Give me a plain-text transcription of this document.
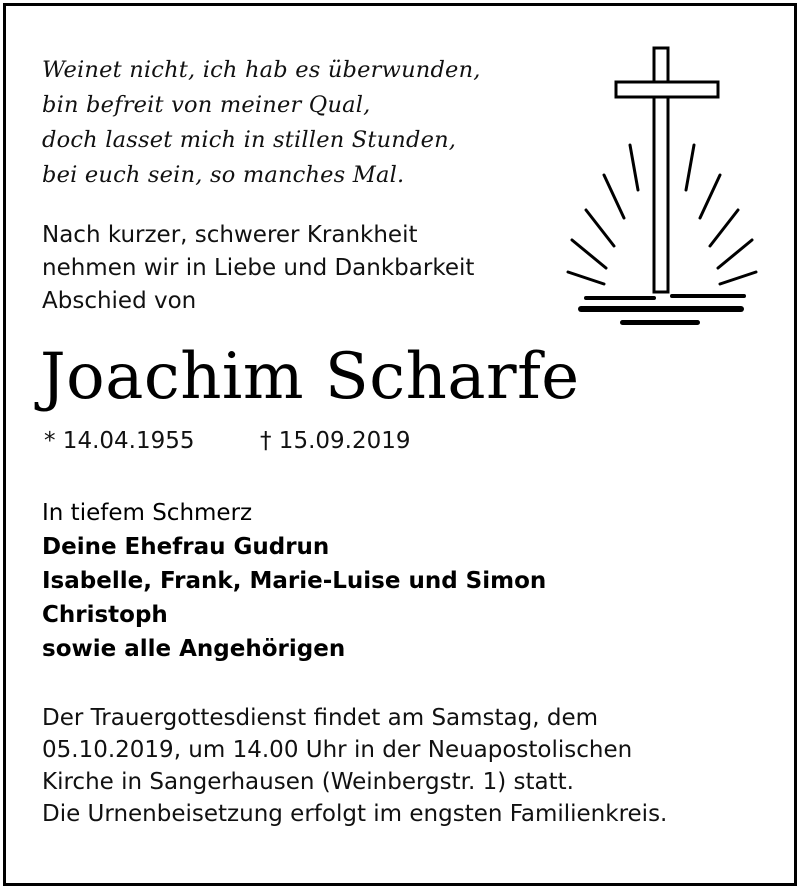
Weinet nicht, ich hab es überwunden,
bin befreit von meiner Qual,
doch lasset mich in stillen Stunden,
bei euch sein, so manches Mal.
Nach kurzer, schwerer Krankheit
nehmen wir in Liebe und Dankbarkeit
Abschied von
Joachim Scharfe
* 14.04.1955	† 15.09.2019
In tiefem Schmerz
Deine Ehefrau Gudrun
Isabelle, Frank, Marie-Luise und Simon
Christoph
sowie alle Angehörigen
Der Trauergottesdienst findet am Samstag, dem
05.10.2019, um 14.00 Uhr in der Neuapostolischen
Kirche in Sangerhausen (Weinbergstr. 1) statt.
Die Urnenbeisetzung erfolgt im engsten Familienkreis.
